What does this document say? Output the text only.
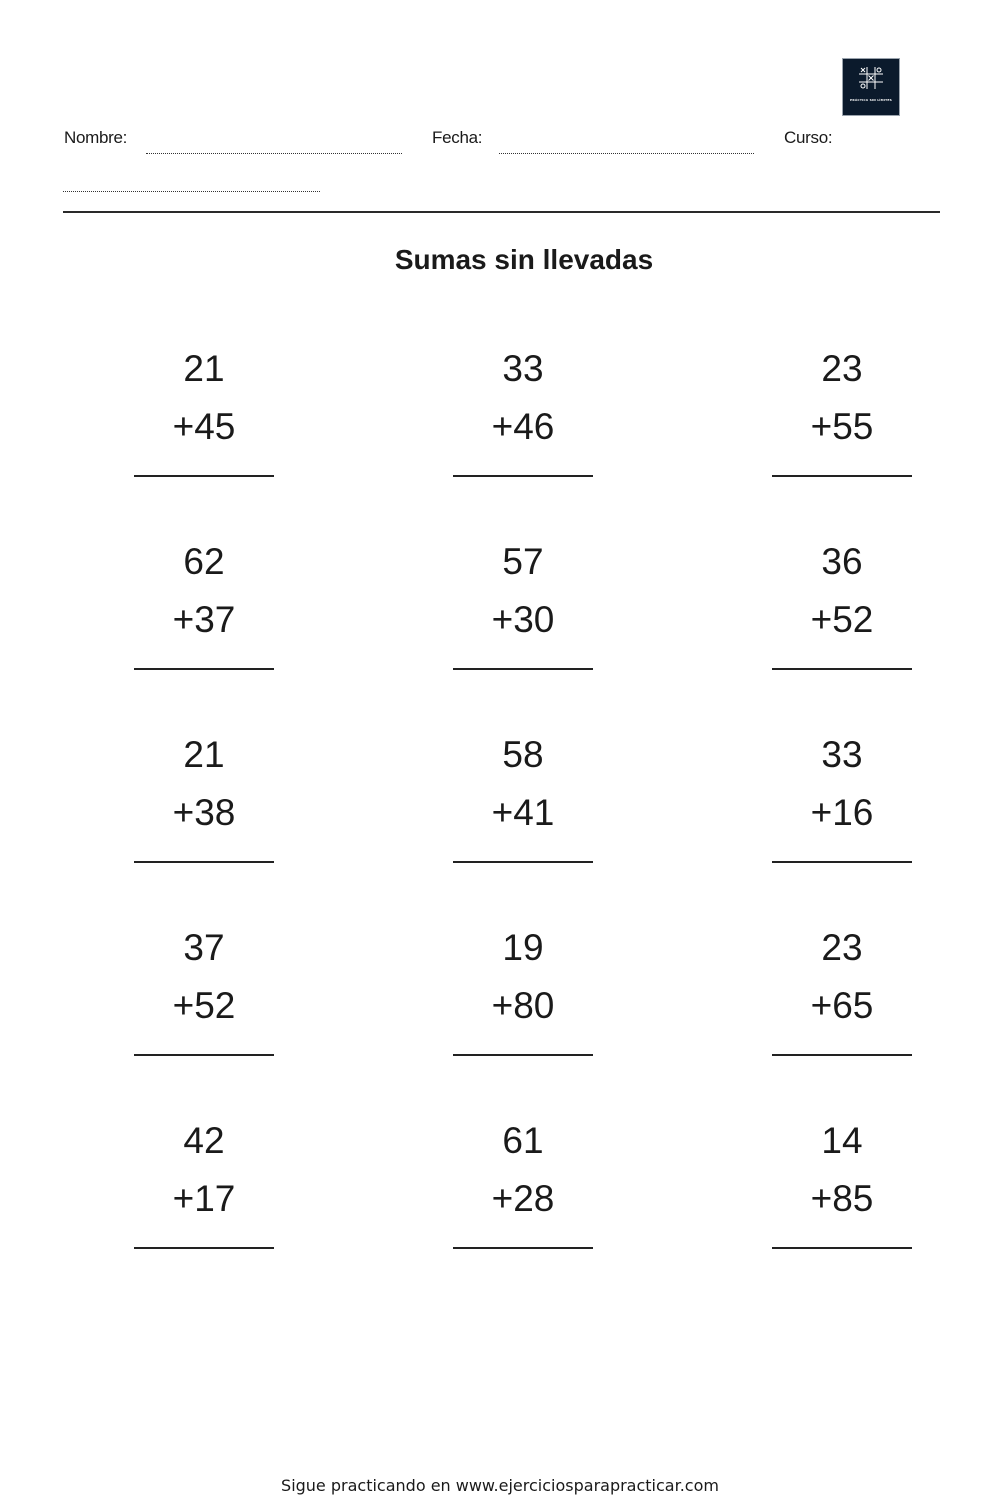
PRÁCTICA SIN LÍMITES
Nombre:	Fecha:	Curso:
Sumas sin llevadas
21
+45
33
+46
23
+55
62
+37
57
+30
36
+52
21
+38
58
+41
33
+16
37
+52
19
+80
23
+65
42
+17
61
+28
14
+85
Sigue practicando en www.ejerciciosparapracticar.com
